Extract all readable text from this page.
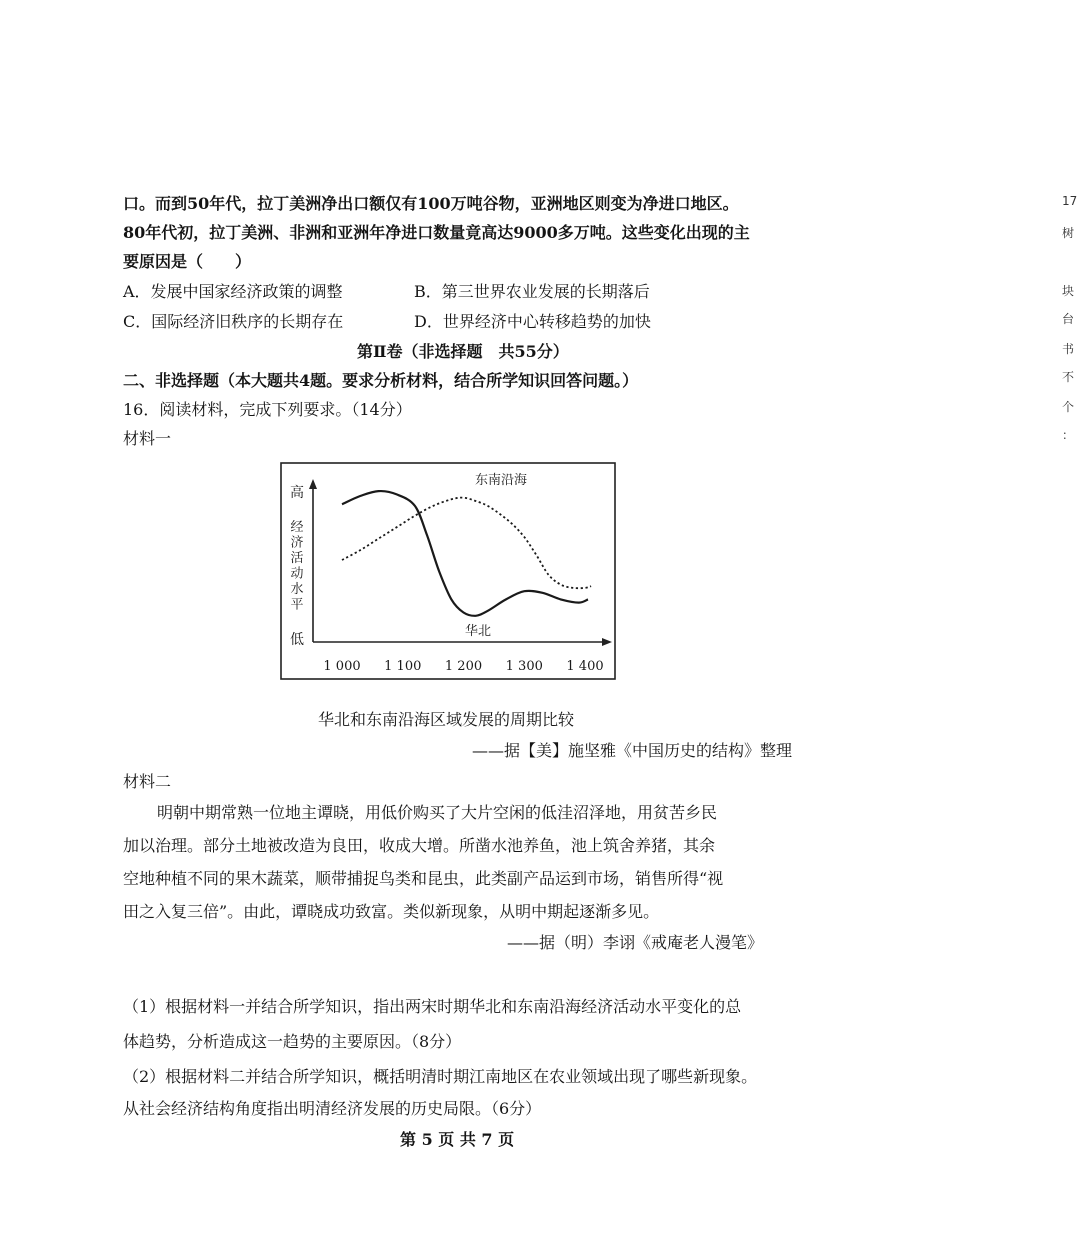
口。而到50年代，拉丁美洲净出口额仅有100万吨谷物，亚洲地区则变为净进口地区。
80年代初，拉丁美洲、非洲和亚洲年净进口数量竟高达9000多万吨。这些变化出现的主
要原因是（　　）
A．发展中国家经济政策的调整	B．第三世界农业发展的长期落后
C．国际经济旧秩序的长期存在	D．世界经济中心转移趋势的加快
第Ⅱ卷（非选择题　共55分）
二、非选择题（本大题共4题。要求分析材料，结合所学知识回答问题。）
16．阅读材料，完成下列要求。（14分）
材料一
高
低
经
济
活
动
水
平
1 000 1 100 1 200 1 300 1 400
华北
东南沿海
华北和东南沿海区域发展的周期比较
——据【美】施坚雅《中国历史的结构》整理
材料二
明朝中期常熟一位地主谭晓，用低价购买了大片空闲的低洼沼泽地，用贫苦乡民
加以治理。部分土地被改造为良田，收成大增。所凿水池养鱼，池上筑舍养猪，其余
空地种植不同的果木蔬菜，顺带捕捉鸟类和昆虫，此类副产品运到市场，销售所得“视
田之入复三倍”。由此，谭晓成功致富。类似新现象，从明中期起逐渐多见。
——据（明）李诩《戒庵老人漫笔》
（1）根据材料一并结合所学知识，指出两宋时期华北和东南沿海经济活动水平变化的总
体趋势，分析造成这一趋势的主要原因。（8分）
（2）根据材料二并结合所学知识，概括明清时期江南地区在农业领域出现了哪些新现象。
从社会经济结构角度指出明清经济发展的历史局限。（6分）
第 5 页 共 7 页
17
树
块
台
书
不
个
：
